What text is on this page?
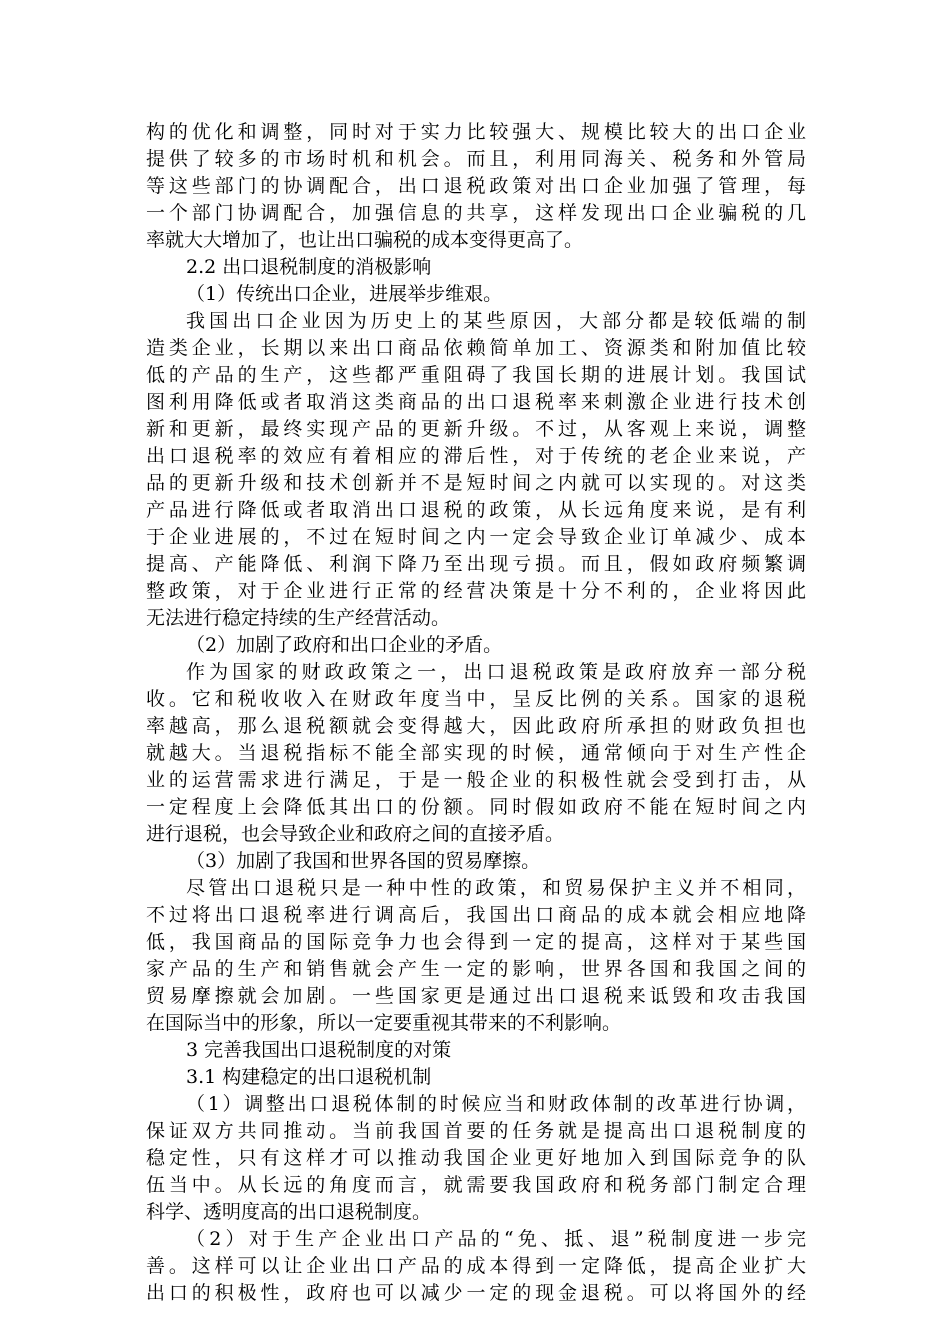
构的优化和调整，同时对于实力比较强大、规模比较大的出口企业
提供了较多的市场时机和机会。而且，利用同海关、税务和外管局
等这些部门的协调配合，出口退税政策对出口企业加强了管理，每
一个部门协调配合，加强信息的共享，这样发现出口企业骗税的几
率就大大增加了，也让出口骗税的成本变得更高了。
2.2 出口退税制度的消极影响
（1）传统出口企业，进展举步维艰。
我国出口企业因为历史上的某些原因，大部分都是较低端的制
造类企业，长期以来出口商品依赖简单加工、资源类和附加值比较
低的产品的生产，这些都严重阻碍了我国长期的进展计划。我国试
图利用降低或者取消这类商品的出口退税率来刺激企业进行技术创
新和更新，最终实现产品的更新升级。不过，从客观上来说，调整
出口退税率的效应有着相应的滞后性，对于传统的老企业来说，产
品的更新升级和技术创新并不是短时间之内就可以实现的。对这类
产品进行降低或者取消出口退税的政策，从长远角度来说，是有利
于企业进展的，不过在短时间之内一定会导致企业订单减少、成本
提高、产能降低、利润下降乃至出现亏损。而且，假如政府频繁调
整政策，对于企业进行正常的经营决策是十分不利的，企业将因此
无法进行稳定持续的生产经营活动。
（2）加剧了政府和出口企业的矛盾。
作为国家的财政政策之一，出口退税政策是政府放弃一部分税
收。它和税收收入在财政年度当中，呈反比例的关系。国家的退税
率越高，那么退税额就会变得越大，因此政府所承担的财政负担也
就越大。当退税指标不能全部实现的时候，通常倾向于对生产性企
业的运营需求进行满足，于是一般企业的积极性就会受到打击，从
一定程度上会降低其出口的份额。同时假如政府不能在短时间之内
进行退税，也会导致企业和政府之间的直接矛盾。
（3）加剧了我国和世界各国的贸易摩擦。
尽管出口退税只是一种中性的政策，和贸易保护主义并不相同，
不过将出口退税率进行调高后，我国出口商品的成本就会相应地降
低，我国商品的国际竞争力也会得到一定的提高，这样对于某些国
家产品的生产和销售就会产生一定的影响，世界各国和我国之间的
贸易摩擦就会加剧。一些国家更是通过出口退税来诋毁和攻击我国
在国际当中的形象，所以一定要重视其带来的不利影响。
3 完善我国出口退税制度的对策
3.1 构建稳定的出口退税机制
（1）调整出口退税体制的时候应当和财政体制的改革进行协调，
保证双方共同推动。当前我国首要的任务就是提高出口退税制度的
稳定性，只有这样才可以推动我国企业更好地加入到国际竞争的队
伍当中。从长远的角度而言，就需要我国政府和税务部门制定合理
科学、透明度高的出口退税制度。
（2）对于生产企业出口产品的“免、抵、退”税制度进一步完
善。这样可以让企业出口产品的成本得到一定降低，提高企业扩大
出口的积极性，政府也可以减少一定的现金退税。可以将国外的经
